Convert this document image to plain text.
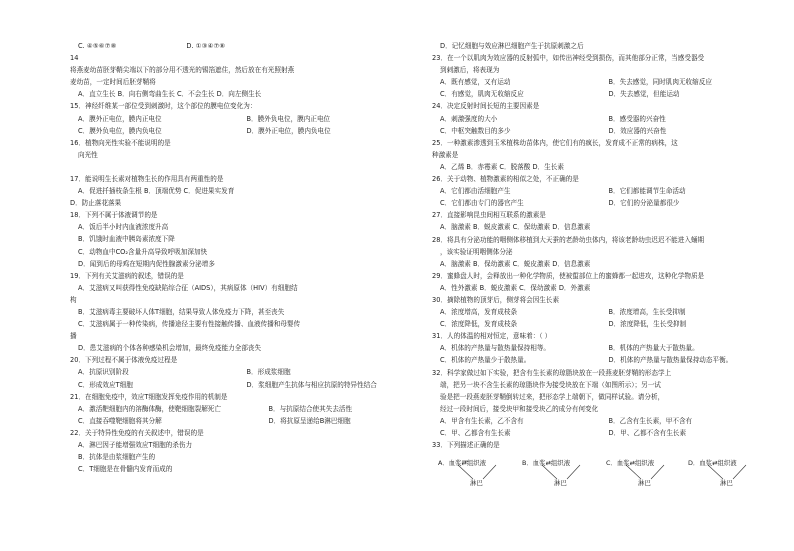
C. ④⑤⑥⑦⑧	D. ①③④⑦⑧
14
将燕麦幼苗胚芽鞘尖端以下的部分用不透光的锡箔遮住，然后放在有光照射燕
麦幼苗，一定时间后胚芽鞘将
A．直立生长 B．向右侧弯曲生长 C．不会生长 D．向左侧生长
15．神经纤维某一部位受到刺激时，这个部位的膜电位变化为：
A．膜外正电位，膜内正电位	B．膜外负电位，膜内正电位
C．膜外负电位，膜内负电位	D．膜外正电位，膜内负电位
16．植物向光性实验不能说明的是
向光性
17．能说明生长素对植物生长的作用具有两重性的是
A．促进扦插枝条生根 B．顶端优势 C．促进果实发育
D．防止落花落果
18．下列不属于体液调节的是
A．饭后半小时内血液浓度升高
B．饥饿时血液中胰岛素浓度下降
C．动物血中CO₂含量升高导致呼吸加深加快
D．闻到后的母鸡在短期内促性腺激素分泌增多
19．下列有关艾滋病的叙述，错误的是
A．艾滋病又叫获得性免疫缺陷综合征（AIDS），其病原体（HIV）有细胞结
构
B．艾滋病毒主要破坏人体T细胞，结果导致人体免疫力下降，甚至丧失
C．艾滋病属于一种传染病，传播途径主要有性接触传播、血液传播和母婴传
播
D．患艾滋病的个体各种感染机会增加，最终免疫能力全部丧失
20．下列过程不属于体液免疫过程是
A．抗原识别阶段	B．形成浆细胞
C．形成效应T细胞	D．浆细胞产生抗体与相应抗原的特异性结合
21．在细胞免疫中，效应T细胞发挥免疫作用的机制是
A．激活靶细胞内的溶酶体酶，使靶细胞裂解死亡	B．与抗原结合使其失去活性
C．直接吞噬靶细胞将其分解	D．将抗原呈递给B淋巴细胞
22．关于特异性免疫的有关叙述中，错误的是
A．淋巴因子能增强效应T细胞的杀伤力
B．抗体是由浆细胞产生的
C．T细胞是在骨髓内发育而成的
D．记忆细胞与效应淋巴细胞产生于抗原刺激之后
23．在一个以肌肉为效应器的反射弧中，如传出神经受到损伤，而其他部分正常，当感受器受
到刺激后，将表现为
A．既有感觉，又有运动	B．失去感觉，同时肌肉无收缩反应
C．有感觉，肌肉无收缩反应	D．失去感觉，但能运动
24．决定反射时间长短的主要因素是
A．刺激强度的大小	B．感受器的兴奋性
C．中枢突触数目的多少	D．效应器的兴奋性
25．一种激素渗透到玉米植株幼苗体内，使它们有的疯长，发育成不正常的病株，这
种激素是
A．乙烯 B．赤霉素 C．脱落酸 D．生长素
26．关于动物、植物激素的相似之处，不正确的是
A．它们都由活细胞产生	B．它们都能调节生命活动
C．它们都由专门的器官产生	D．它们的分泌量都很少
27．直接影响昆虫间相互联系的激素是
A．脑激素 B．蜕皮激素 C．保幼激素 D．信息激素
28．将具有分泌功能的咽侧体移植到大天蚕的老龄幼虫体内，将该老龄幼虫迟迟不能进入蛹期
，该实验证明咽侧体分泌
A．脑激素 B．保幼激素 C．蜕皮激素 D．信息激素
29．蜜蜂盘人时，会释放出一种化学物质，使被蜇部位上的蜜蜂都一起进攻，这种化学物质是
A．性外激素 B．蜕皮激素 C．保幼激素 D．外激素
30．摘除植物的顶芽后，侧芽将会因生长素
A．浓度增高，发育成枝条	B．浓度增高，生长受抑制
C．浓度降低，发育成枝条	D．浓度降低，生长受抑制
31．人的体温的相对恒定，意味着：（ ）
A．机体的产热量与散热量保持相等。	B．机体的产热量大于散热量。
C．机体的产热量少于散热量。	D．机体的产热量与散热量保持动态平衡。
32．科学家做过如下实验，把含有生长素的琼脂块放在一段燕麦胚芽鞘的形态学上
端，把另一块不含生长素的琼脂块作为接受块放在下端（如图所示）；另一试
验是把一段燕麦胚芽鞘倒转过来，把形态学上端朝下，做同样试验。请分析，
经过一段时间后，接受块甲和接受块乙的成分有何变化
A．甲含有生长素，乙不含有	B．乙含有生长素，甲不含有
C．甲、乙都含有生长素	D．甲、乙都不含有生长素
33．下列描述正确的是
A．血浆⇄组织液
淋巴
B．血浆⇄组织液
淋巴
C．血浆⇄组织液
淋巴
D．血浆⇄组织液
淋巴
